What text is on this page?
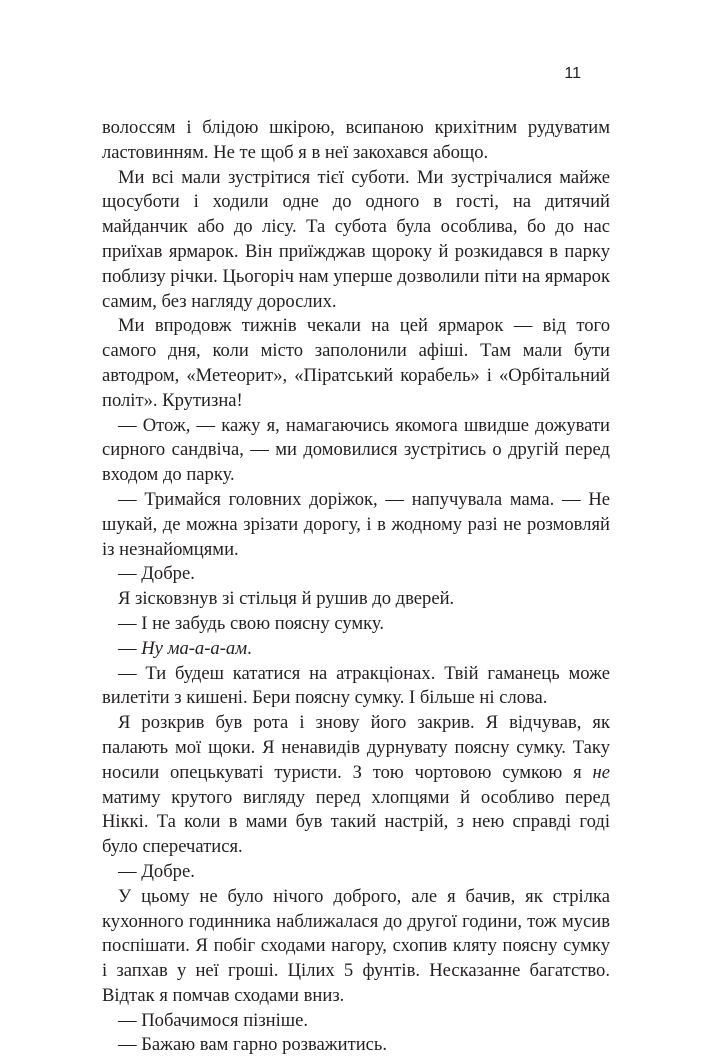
11

волоссям і блідою шкірою, всипаною крихітним рудуватим ластовинням. Не те щоб я в неї закохався абощо.

Ми всі мали зустрітися тієї суботи. Ми зустрічалися майже щосуботи і ходили одне до одного в гості, на дитячий майданчик або до лісу. Та субота була особлива, бо до нас приїхав ярмарок. Він приїжджав щороку й розкидався в парку поблизу річки. Цьогоріч нам уперше дозволили піти на ярмарок самим, без нагляду дорослих.

Ми впродовж тижнів чекали на цей ярмарок — від того самого дня, коли місто заполонили афіші. Там мали бути автодром, «Метеорит», «Піратський корабель» і «Орбітальний політ». Крутизна!

— Отож, — кажу я, намагаючись якомога швидше дожувати сирного сандвіча, — ми домовилися зустрітись о другій перед входом до парку.

— Тримайся головних доріжок, — напучувала мама. — Не шукай, де можна зрізати дорогу, і в жодному разі не розмовляй із незнайомцями.

— Добре.

Я зісковзнув зі стільця й рушив до дверей.

— І не забудь свою поясну сумку.

— Ну ма-а-а-ам.

— Ти будеш кататися на атракціонах. Твій гаманець може вилетіти з кишені. Бери поясну сумку. І більше ні слова.

Я розкрив був рота і знову його закрив. Я відчував, як палають мої щоки. Я ненавидів дурнувату поясну сумку. Таку носили опецькуваті туристи. З тою чортовою сумкою я не матиму крутого вигляду перед хлопцями й особливо перед Ніккі. Та коли в мами був такий настрій, з нею справді годі було сперечатися.

— Добре.

У цьому не було нічого доброго, але я бачив, як стрілка кухонного годинника наближалася до другої години, тож мусив поспішати. Я побіг сходами нагору, схопив кляту поясну сумку і запхав у неї гроші. Цілих 5 фунтів. Несказанне багатство. Відтак я помчав сходами вниз.

— Побачимося пізніше.

— Бажаю вам гарно розважитись.
